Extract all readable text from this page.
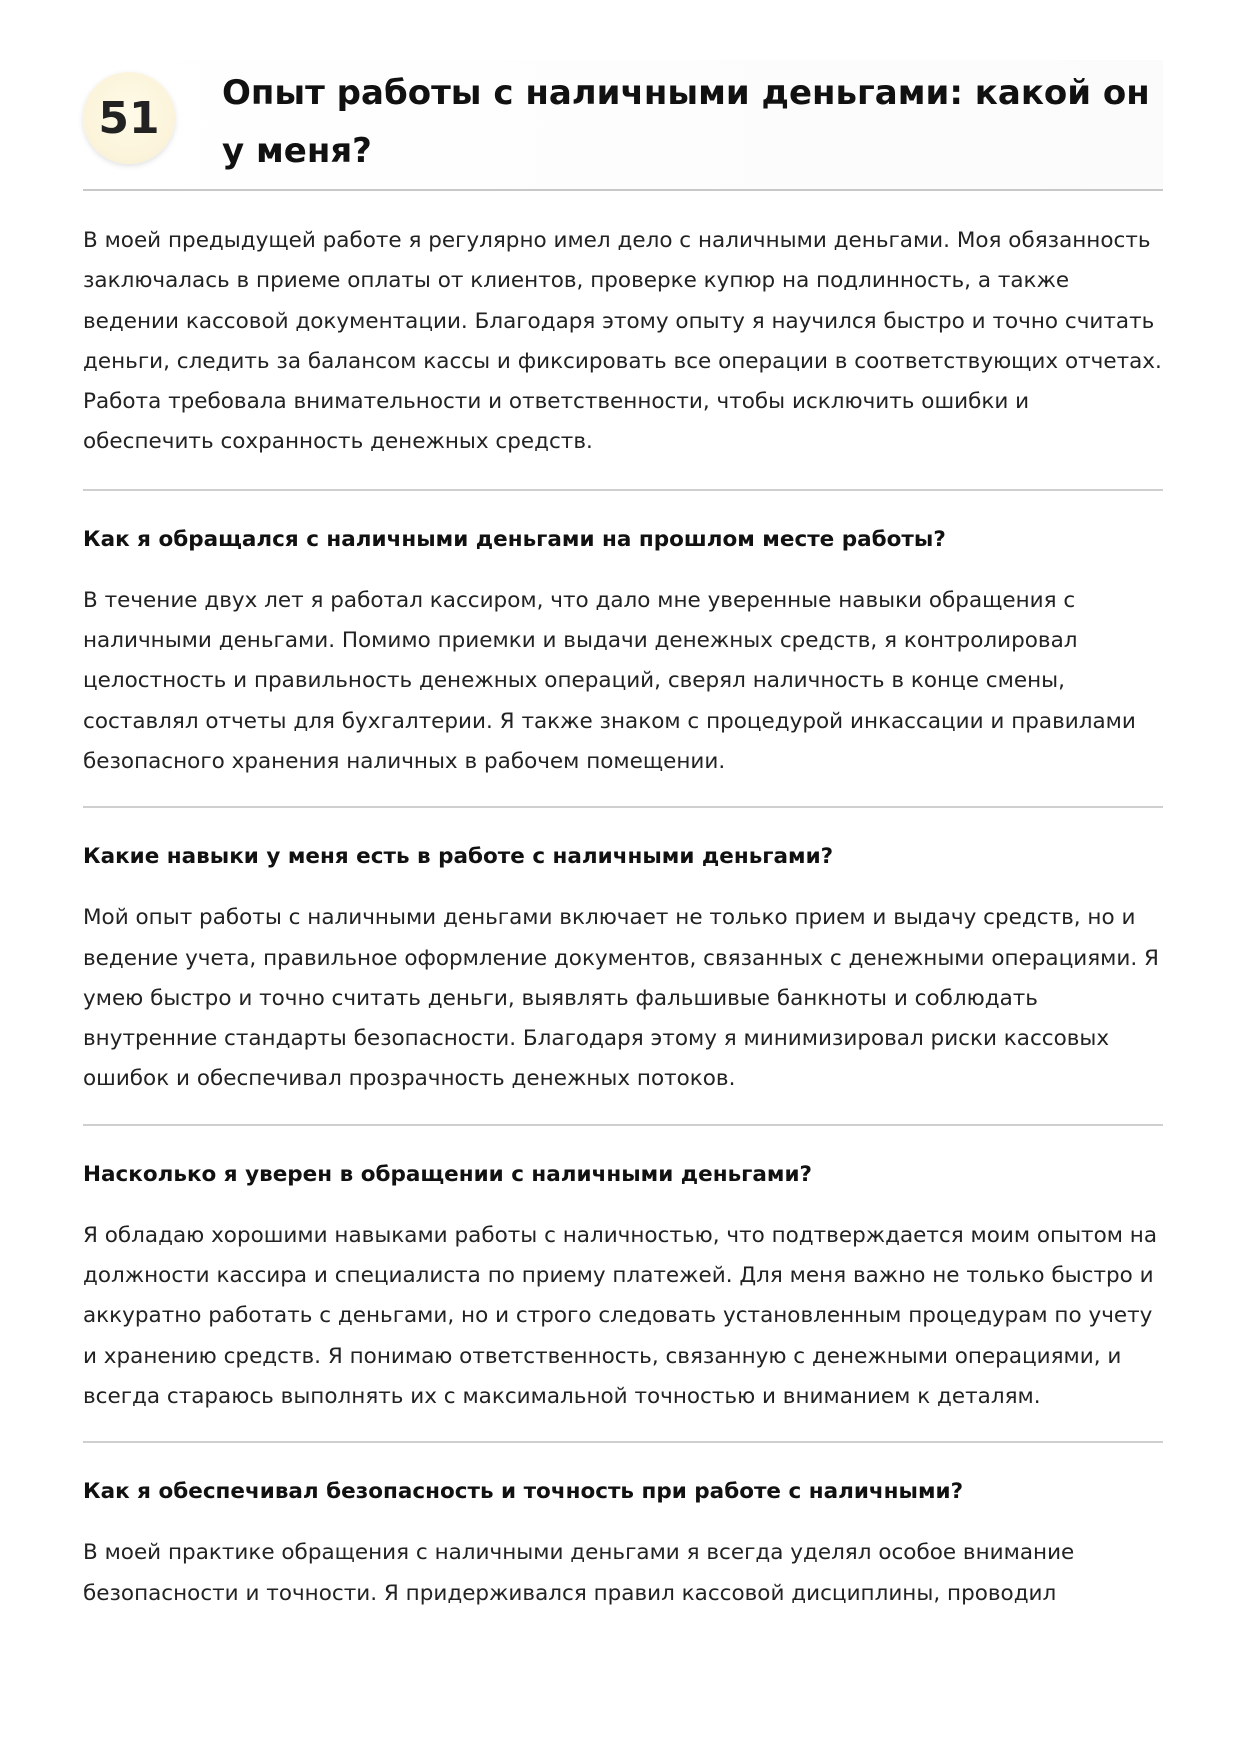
51	Опыт работы с наличными деньгами: какой он у меня?

В моей предыдущей работе я регулярно имел дело с наличными деньгами. Моя обязанность заключалась в приеме оплаты от клиентов, проверке купюр на подлинность, а также ведении кассовой документации. Благодаря этому опыту я научился быстро и точно считать деньги, следить за балансом кассы и фиксировать все операции в соответствующих отчетах. Работа требовала внимательности и ответственности, чтобы исключить ошибки и обеспечить сохранность денежных средств.

Как я обращался с наличными деньгами на прошлом месте работы?

В течение двух лет я работал кассиром, что дало мне уверенные навыки обращения с наличными деньгами. Помимо приемки и выдачи денежных средств, я контролировал целостность и правильность денежных операций, сверял наличность в конце смены, составлял отчеты для бухгалтерии. Я также знаком с процедурой инкассации и правилами безопасного хранения наличных в рабочем помещении.

Какие навыки у меня есть в работе с наличными деньгами?

Мой опыт работы с наличными деньгами включает не только прием и выдачу средств, но и ведение учета, правильное оформление документов, связанных с денежными операциями. Я умею быстро и точно считать деньги, выявлять фальшивые банкноты и соблюдать внутренние стандарты безопасности. Благодаря этому я минимизировал риски кассовых ошибок и обеспечивал прозрачность денежных потоков.

Насколько я уверен в обращении с наличными деньгами?

Я обладаю хорошими навыками работы с наличностью, что подтверждается моим опытом на должности кассира и специалиста по приему платежей. Для меня важно не только быстро и аккуратно работать с деньгами, но и строго следовать установленным процедурам по учету и хранению средств. Я понимаю ответственность, связанную с денежными операциями, и всегда стараюсь выполнять их с максимальной точностью и вниманием к деталям.

Как я обеспечивал безопасность и точность при работе с наличными?

В моей практике обращения с наличными деньгами я всегда уделял особое внимание безопасности и точности. Я придерживался правил кассовой дисциплины, проводил
